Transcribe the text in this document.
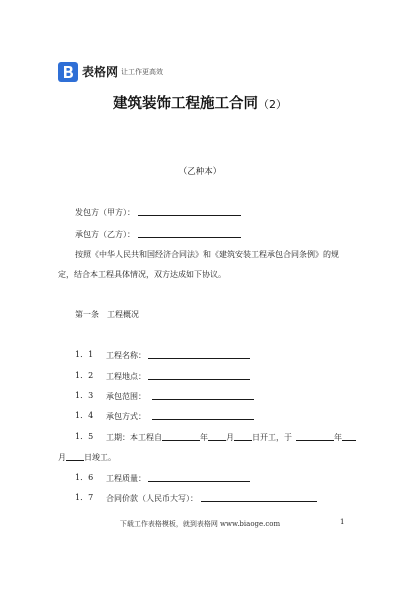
表格网 让工作更高效
建筑装饰工程施工合同（2）
（乙种本）
发包方（甲方）：
承包方（乙方）：
按照《中华人民共和国经济合同法》和《建筑安装工程承包合同条例》的规
定，结合本工程具体情况，双方达成如下协议。
第一条　工程概况
1．1 工程名称：
1．2 工程地点：
1．3 承包范围：
1．4 承包方式：
1．5 工期：本工程自	年 月 日开工，于	年
月 日竣工。
1．6 工程质量：
1．7 合同价款（人民币大写）：
下载工作表格模板，就到表格网 www.biaoge.com	1
